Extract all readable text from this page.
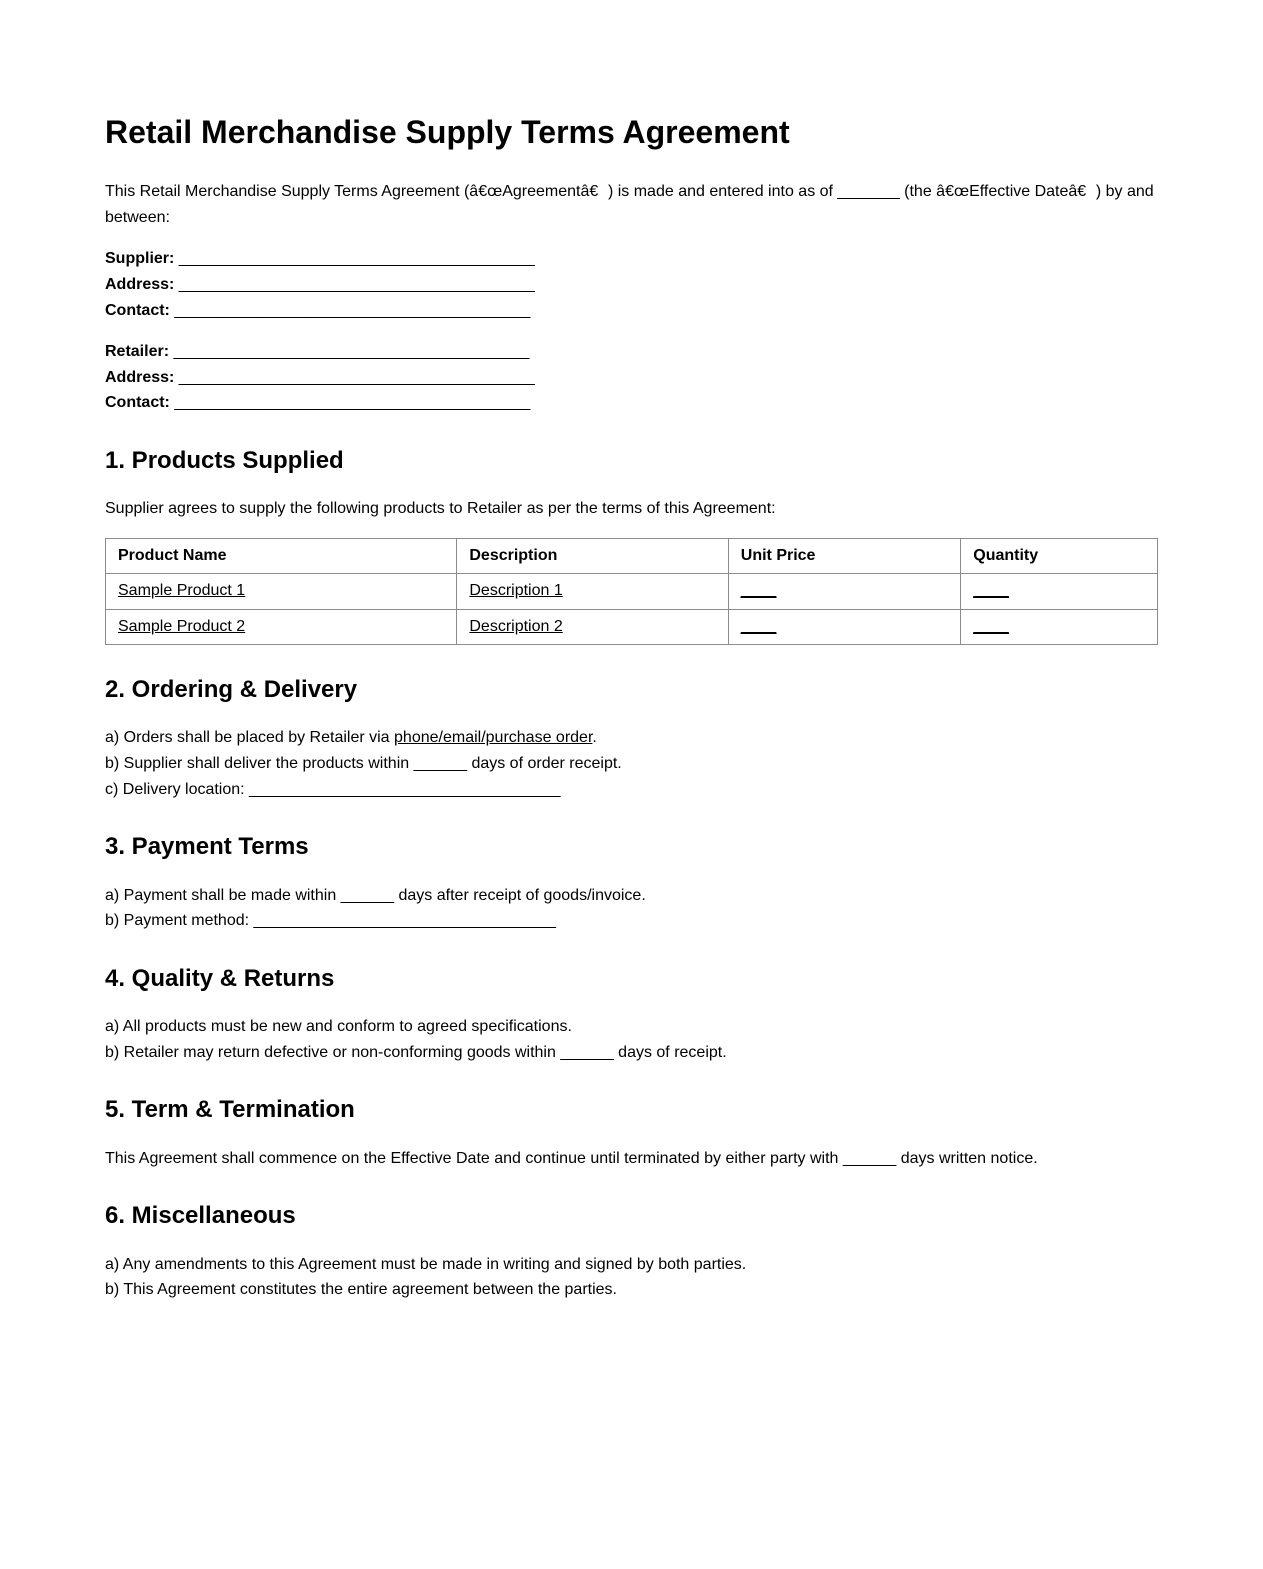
Retail Merchandise Supply Terms Agreement

This Retail Merchandise Supply Terms Agreement (â€œAgreementâ€) is made and entered into as of _______ (the â€œEffective Dateâ€) by and between:

Supplier: ________________________________________
Address: ________________________________________
Contact: ________________________________________

Retailer: ________________________________________
Address: ________________________________________
Contact: ________________________________________

1. Products Supplied

Supplier agrees to supply the following products to Retailer as per the terms of this Agreement:

Product Name	Description	Unit Price	Quantity
Sample Product 1	Description 1	____	____
Sample Product 2	Description 2	____	____
2. Ordering & Delivery

a) Orders shall be placed by Retailer via phone/email/purchase order.
b) Supplier shall deliver the products within ______ days of order receipt.
c) Delivery location: ___________________________________

3. Payment Terms

a) Payment shall be made within ______ days after receipt of goods/invoice.
b) Payment method: __________________________________

4. Quality & Returns

a) All products must be new and conform to agreed specifications.
b) Retailer may return defective or non-conforming goods within ______ days of receipt.

5. Term & Termination

This Agreement shall commence on the Effective Date and continue until terminated by either party with ______ days written notice.

6. Miscellaneous

a) Any amendments to this Agreement must be made in writing and signed by both parties.
b) This Agreement constitutes the entire agreement between the parties.
